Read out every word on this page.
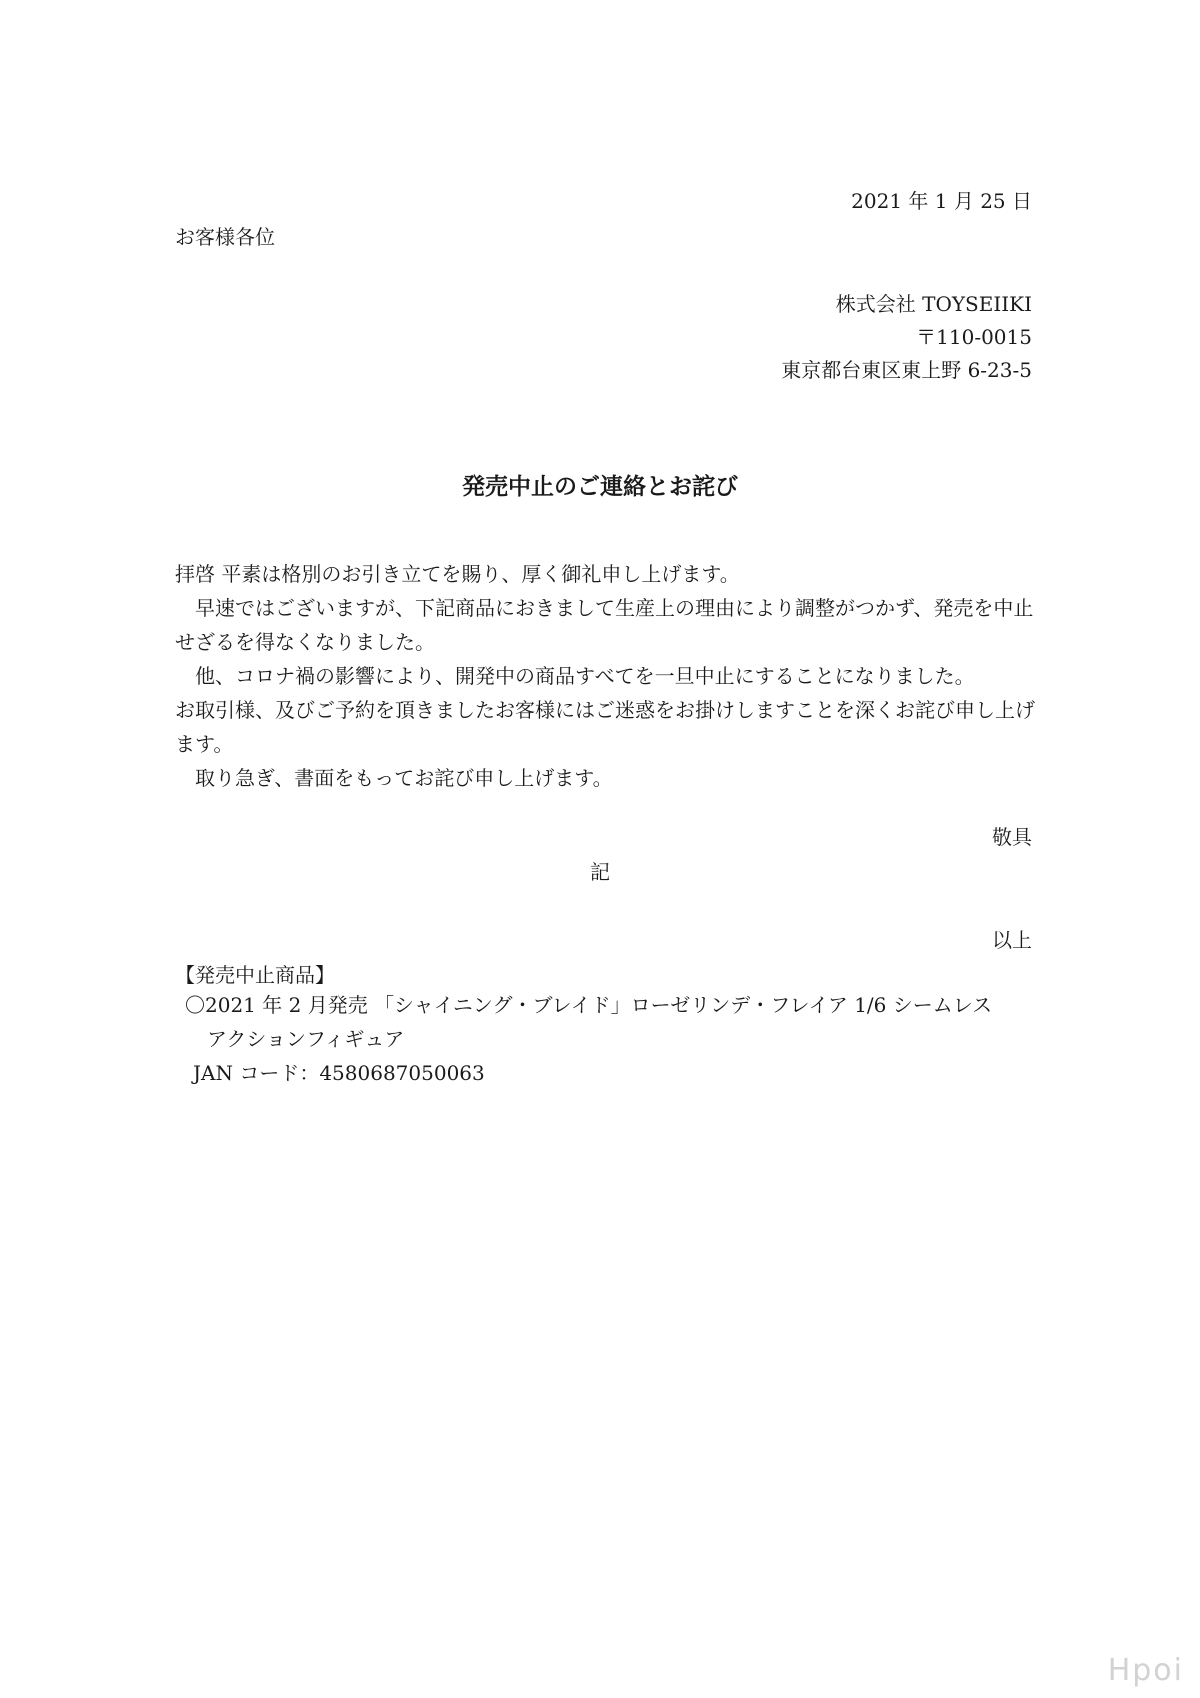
2021 年 1 月 25 日
お客様各位
株式会社 TOYSEIIKI
〒110-0015
東京都台東区東上野 6-23-5
発売中止のご連絡とお詫び

拝啓 平素は格別のお引き立てを賜り、厚く御礼申し上げます。

早速ではございますが、下記商品におきまして生産上の理由により調整がつかず、発売を中止せざるを得なくなりました。

他、コロナ禍の影響により、開発中の商品すべてを一旦中止にすることになりました。

お取引様、及びご予約を頂きましたお客様にはご迷惑をお掛けしますことを深くお詫び申し上げます。

取り急ぎ、書面をもってお詫び申し上げます。

敬具
記
以上
【発売中止商品】

〇2021 年 2 月発売 「シャイニング・ブレイド」ローゼリンデ・フレイア 1/6 シームレス

アクションフィギュア

JAN コード：4580687050063

Hpoi
